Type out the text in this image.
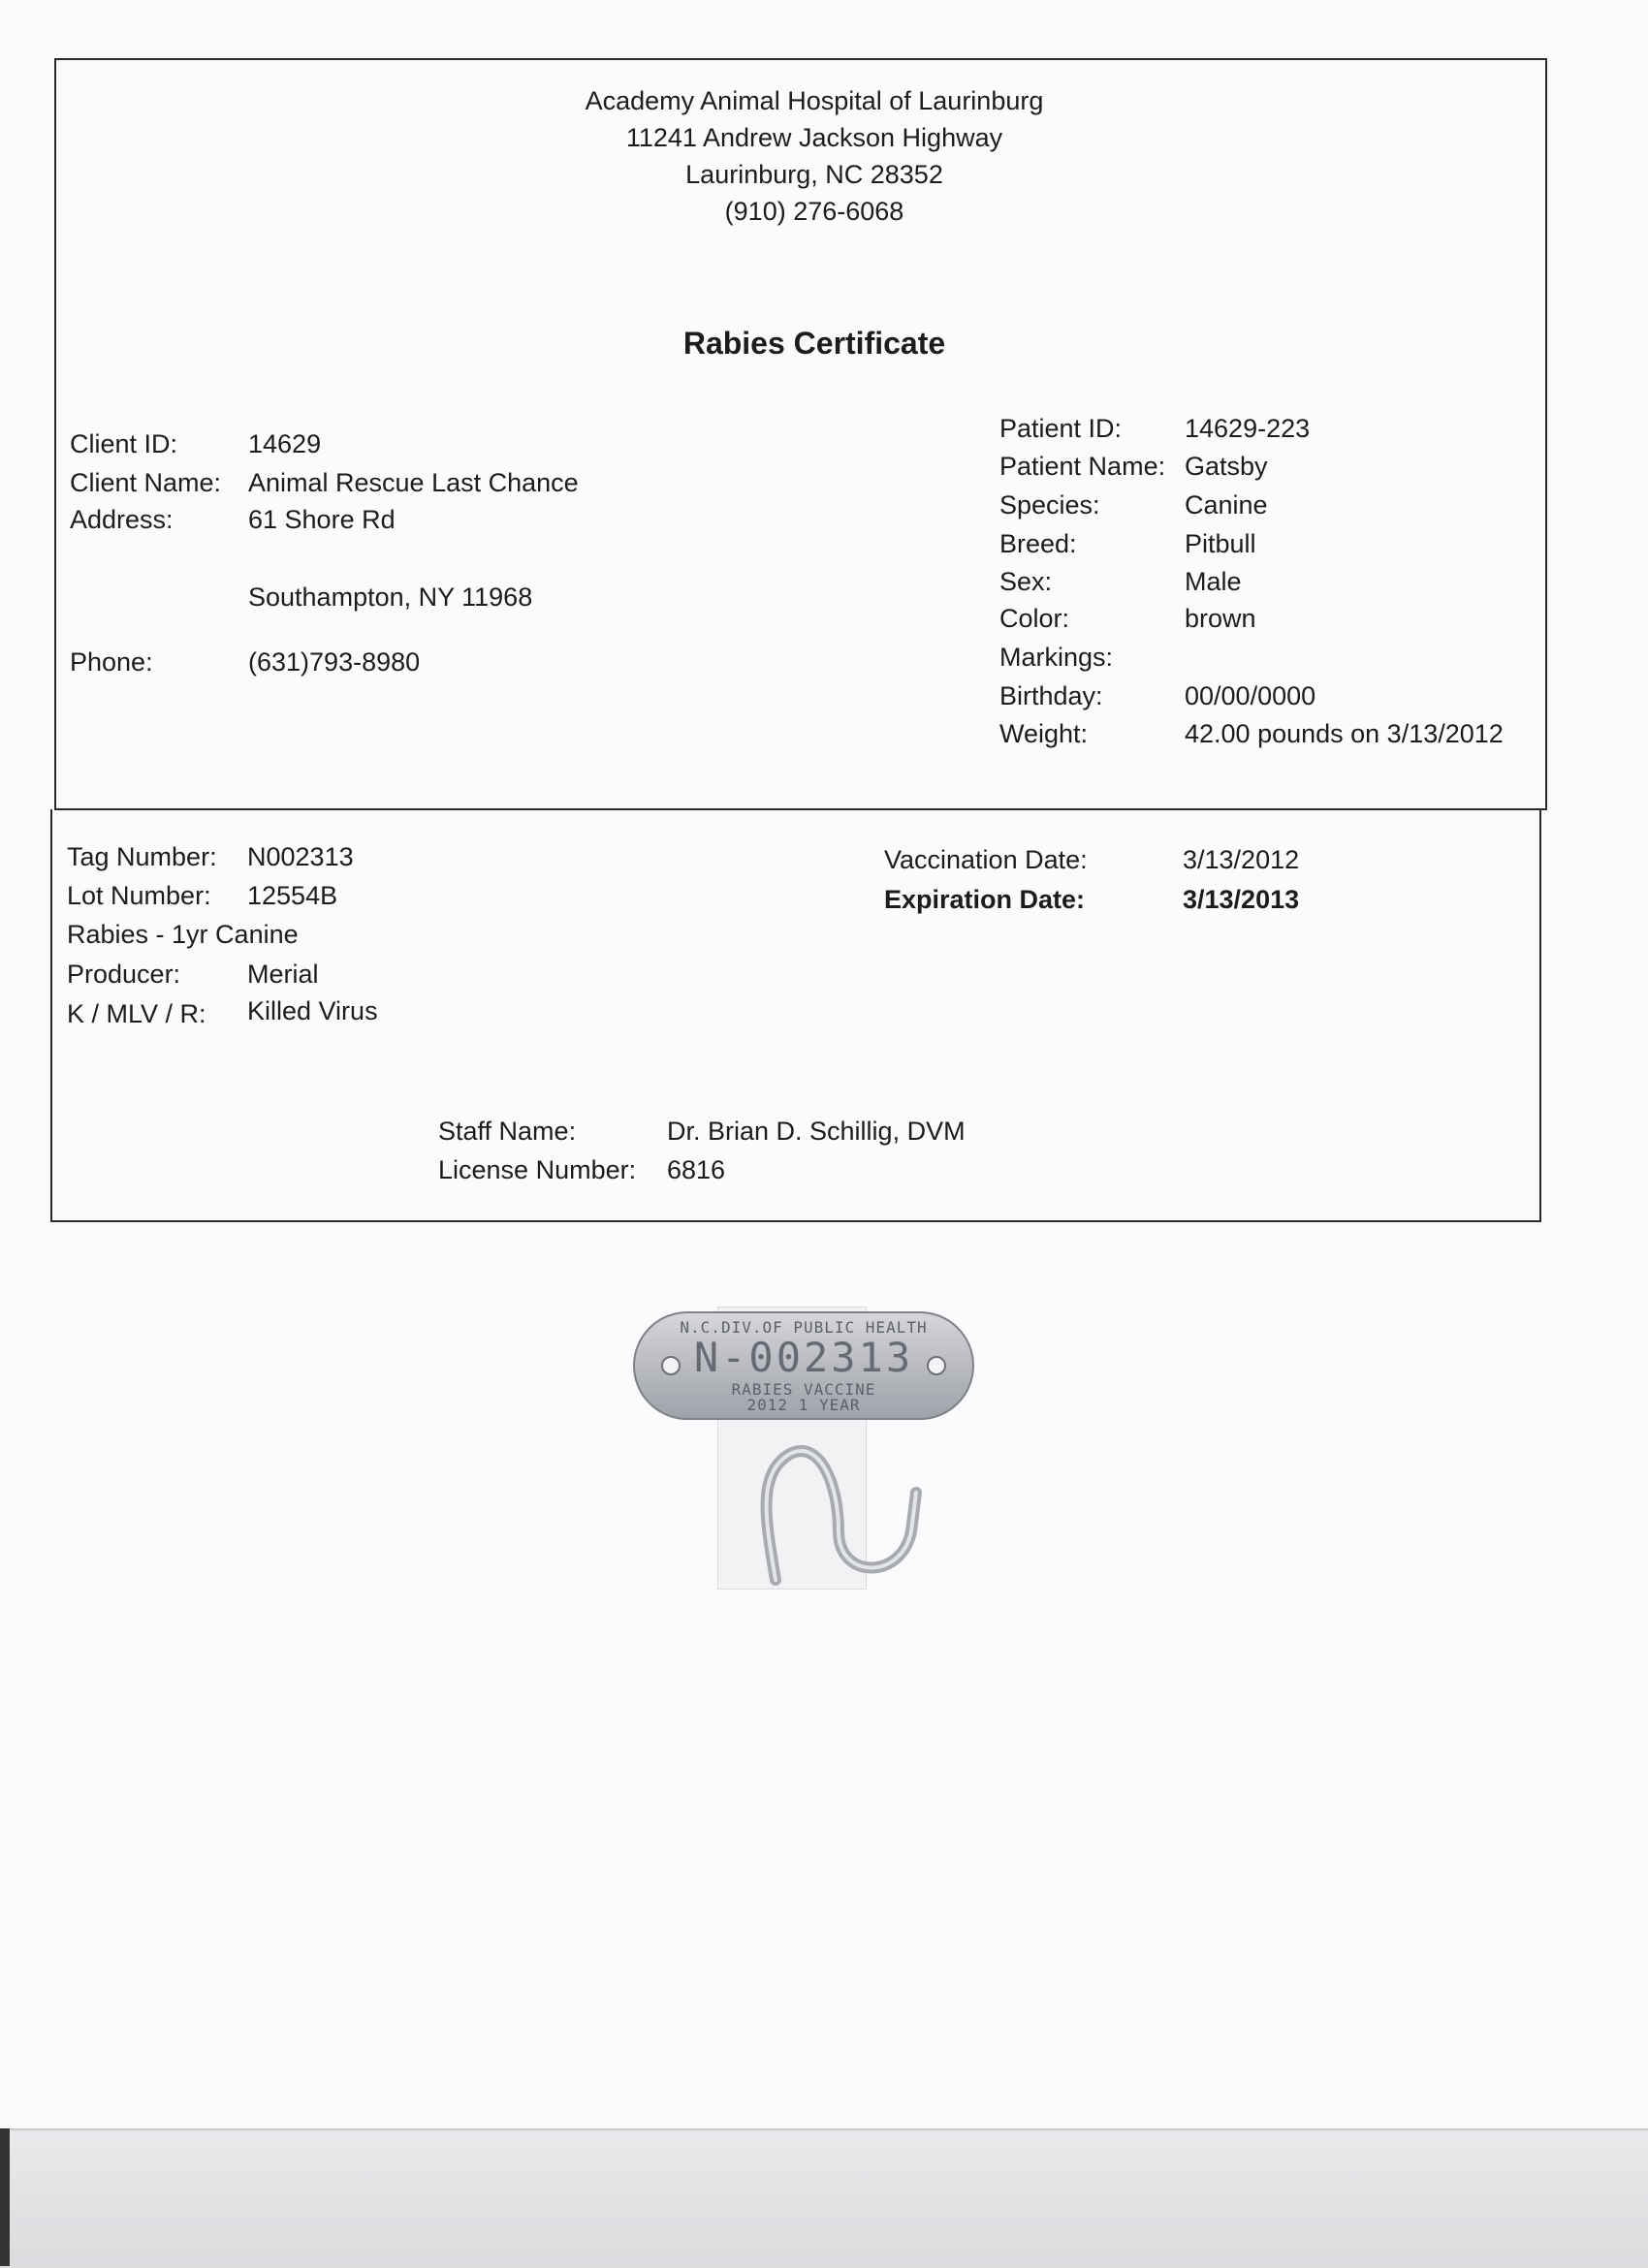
Academy Animal Hospital of Laurinburg
11241 Andrew Jackson Highway
Laurinburg, NC 28352
(910) 276-6068
Rabies Certificate
Client ID:	14629
Client Name: Animal Rescue Last Chance
Address:	61 Shore Rd
Southampton, NY 11968
Phone:	(631)793-8980
Patient ID: 14629-223
Patient Name: Gatsby
Species:	Canine
Breed:	Pitbull
Sex:	Male
Color:	brown
Markings:
Birthday:	00/00/0000
Weight:	42.00 pounds on 3/13/2012
Tag Number: N002313
Lot Number: 12554B
Rabies - 1yr Canine
Producer:	Merial
K / MLV / R: Killed Virus
Vaccination Date:	3/13/2012
Expiration Date:	3/13/2013
Staff Name:	Dr. Brian D. Schillig, DVM
License Number: 6816
N.C.DIV.OF PUBLIC HEALTH
N-002313
RABIES VACCINE
2012 1 YEAR
